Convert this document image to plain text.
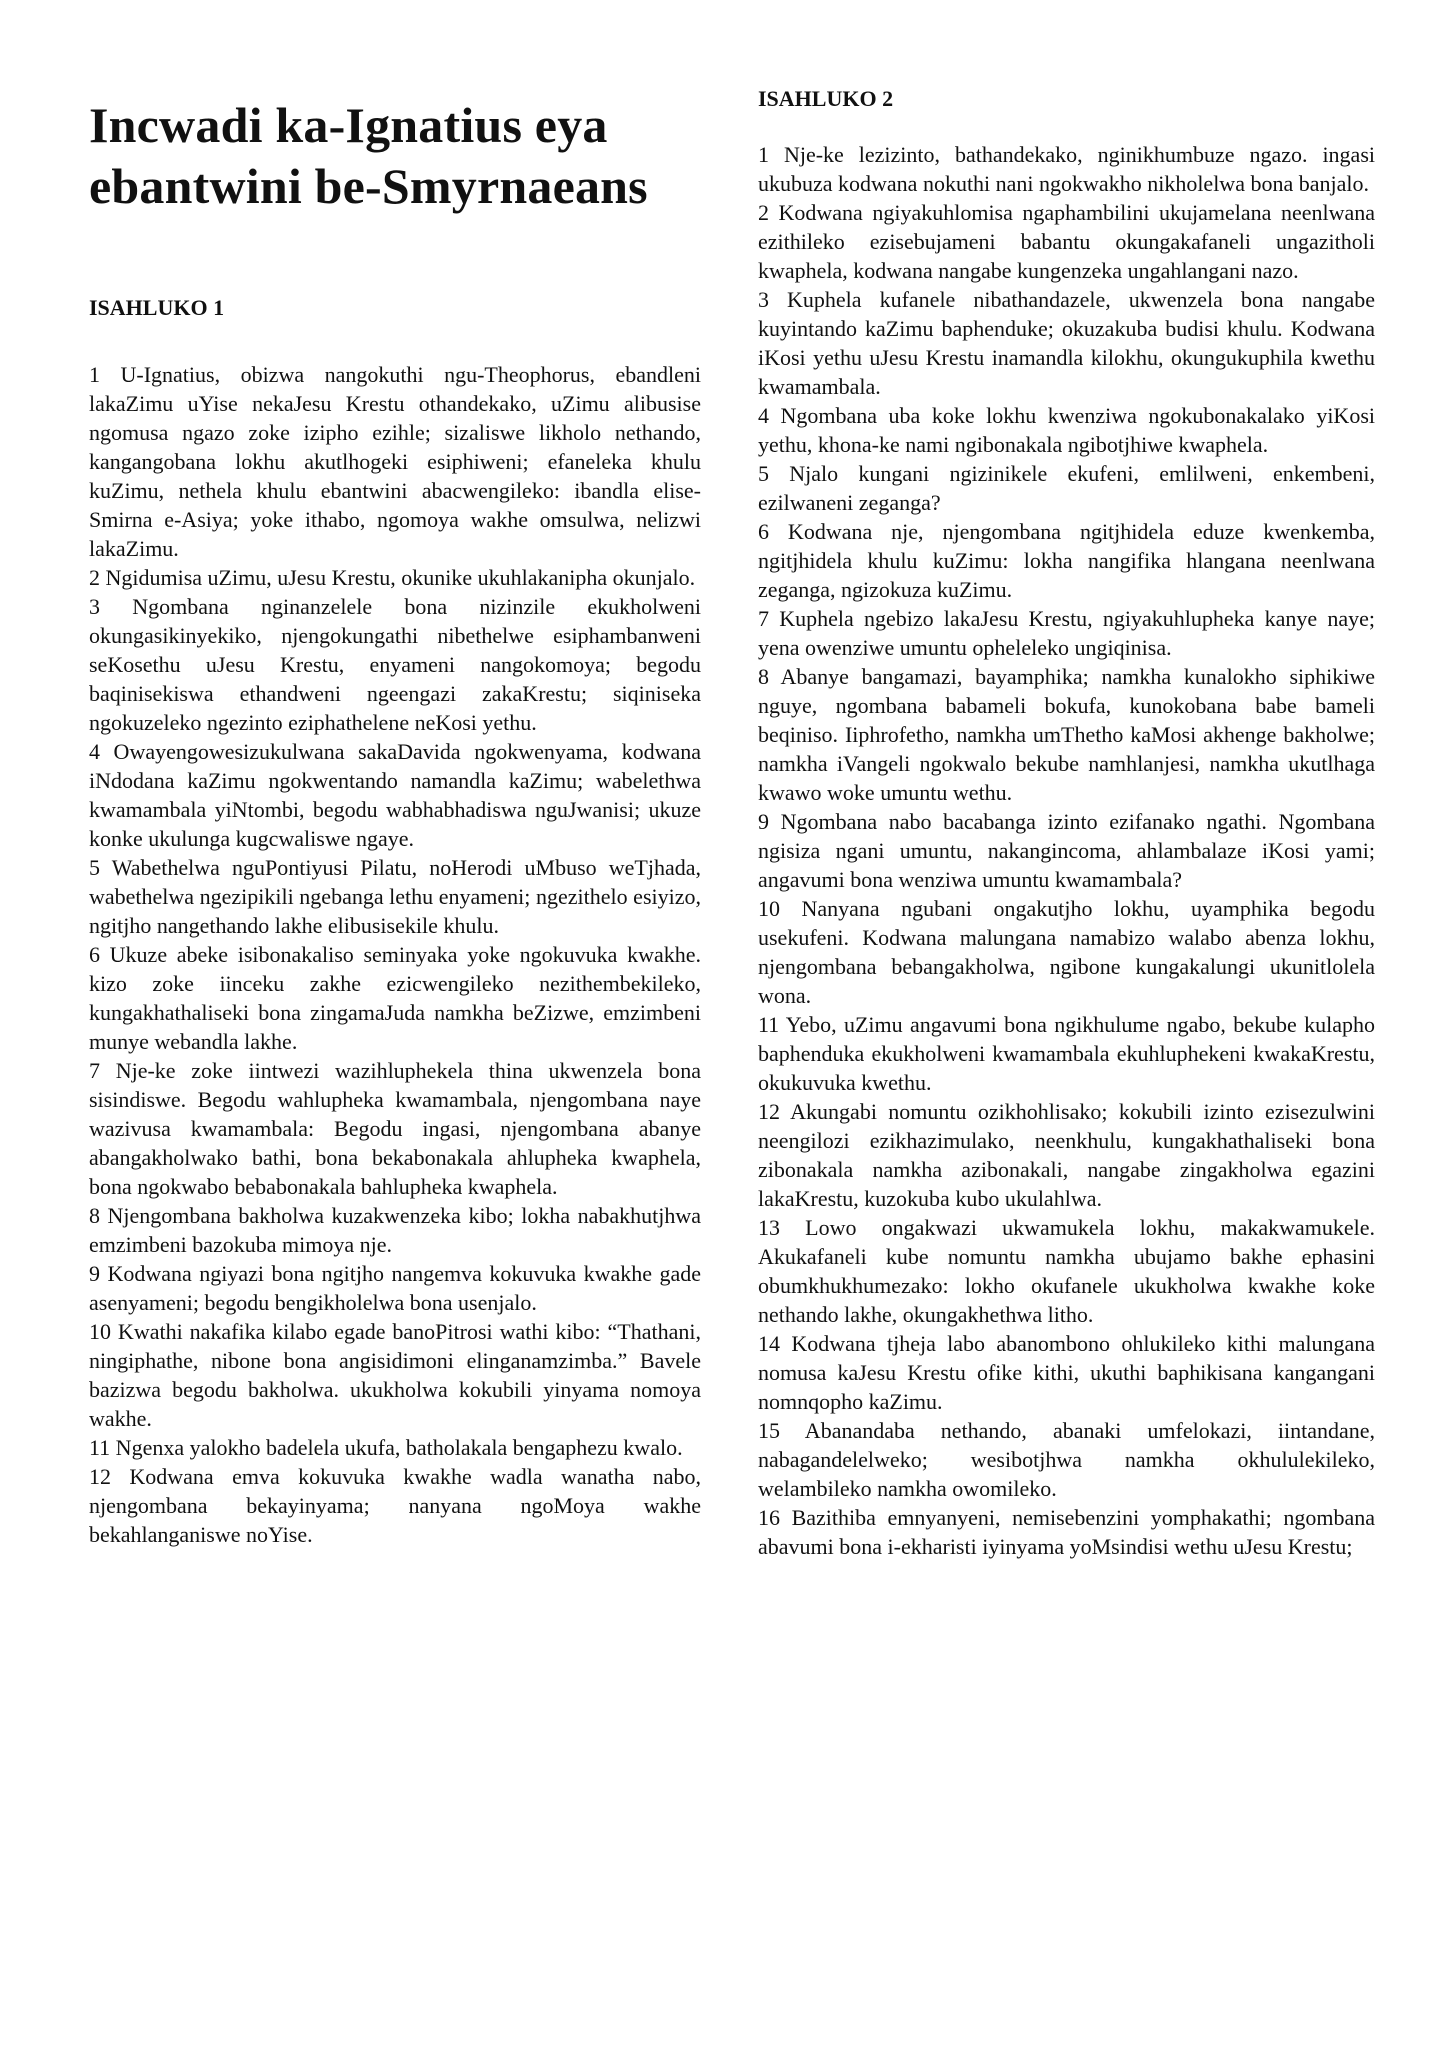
Incwadi ka-Ignatius eya ebantwini be-Smyrnaeans
ISAHLUKO 1

1 U-Ignatius, obizwa nangokuthi ngu-Theophorus, ebandleni lakaZimu uYise nekaJesu Krestu othandekako, uZimu alibusise ngomusa ngazo zoke izipho ezihle; sizaliswe likholo nethando, kangangobana lokhu akutlhogeki esiphiweni; efaneleka khulu kuZimu, nethela khulu ebantwini abacwengileko: ibandla elise-Smirna e-Asiya; yoke ithabo, ngomoya wakhe omsulwa, nelizwi lakaZimu.

2 Ngidumisa uZimu, uJesu Krestu, okunike ukuhlakanipha okunjalo.

3 Ngombana nginanzelele bona nizinzile ekukholweni okungasikinyekiko, njengokungathi nibethelwe esiphambanweni seKosethu uJesu Krestu, enyameni nangokomoya; begodu baqinisekiswa ethandweni ngeengazi zakaKrestu; siqiniseka ngokuzeleko ngezinto eziphathelene neKosi yethu.

4 Owayengowesizukulwana sakaDavida ngokwenyama, kodwana iNdodana kaZimu ngokwentando namandla kaZimu; wabelethwa kwamambala yiNtombi, begodu wabhabhadiswa nguJwanisi; ukuze konke ukulunga kugcwaliswe ngaye.

5 Wabethelwa nguPontiyusi Pilatu, noHerodi uMbuso weTjhada, wabethelwa ngezipikili ngebanga lethu enyameni; ngezithelo esiyizo, ngitjho nangethando lakhe elibusisekile khulu.

6 Ukuze abeke isibonakaliso seminyaka yoke ngokuvuka kwakhe. kizo zoke iinceku zakhe ezicwengileko nezithembekileko, kungakhathaliseki bona zingamaJuda namkha beZizwe, emzimbeni munye webandla lakhe.

7 Nje-ke zoke iintwezi wazihluphekela thina ukwenzela bona sisindiswe. Begodu wahlupheka kwamambala, njengombana naye wazivusa kwamambala: Begodu ingasi, njengombana abanye abangakholwako bathi, bona bekabonakala ahlupheka kwaphela, bona ngokwabo bebabonakala bahlupheka kwaphela.

8 Njengombana bakholwa kuzakwenzeka kibo; lokha nabakhutjhwa emzimbeni bazokuba mimoya nje.

9 Kodwana ngiyazi bona ngitjho nangemva kokuvuka kwakhe gade asenyameni; begodu bengikholelwa bona usenjalo.

10 Kwathi nakafika kilabo egade banoPitrosi wathi kibo: “Thathani, ningiphathe, nibone bona angisidimoni elinganamzimba.” Bavele bazizwa begodu bakholwa. ukukholwa kokubili yinyama nomoya wakhe.

11 Ngenxa yalokho badelela ukufa, batholakala bengaphezu kwalo.

12 Kodwana emva kokuvuka kwakhe wadla wanatha nabo, njengombana bekayinyama; nanyana ngoMoya wakhe bekahlanganiswe noYise.

ISAHLUKO 2

1 Nje-ke lezizinto, bathandekako, nginikhumbuze ngazo. ingasi ukubuza kodwana nokuthi nani ngokwakho nikholelwa bona banjalo.

2 Kodwana ngiyakuhlomisa ngaphambilini ukujamelana neenlwana ezithileko ezisebujameni babantu okungakafaneli ungazitholi kwaphela, kodwana nangabe kungenzeka ungahlangani nazo.

3 Kuphela kufanele nibathandazele, ukwenzela bona nangabe kuyintando kaZimu baphenduke; okuzakuba budisi khulu. Kodwana iKosi yethu uJesu Krestu inamandla kilokhu, okungukuphila kwethu kwamambala.

4 Ngombana uba koke lokhu kwenziwa ngokubonakalako yiKosi yethu, khona-ke nami ngibonakala ngibotjhiwe kwaphela.

5 Njalo kungani ngizinikele ekufeni, emlilweni, enkembeni, ezilwaneni zeganga?

6 Kodwana nje, njengombana ngitjhidela eduze kwenkemba, ngitjhidela khulu kuZimu: lokha nangifika hlangana neenlwana zeganga, ngizokuza kuZimu.

7 Kuphela ngebizo lakaJesu Krestu, ngiyakuhlupheka kanye naye; yena owenziwe umuntu opheleleko ungiqinisa.

8 Abanye bangamazi, bayamphika; namkha kunalokho siphikiwe nguye, ngombana babameli bokufa, kunokobana babe bameli beqiniso. Iiphrofetho, namkha umThetho kaMosi akhenge bakholwe; namkha iVangeli ngokwalo bekube namhlanjesi, namkha ukutlhaga kwawo woke umuntu wethu.

9 Ngombana nabo bacabanga izinto ezifanako ngathi. Ngombana ngisiza ngani umuntu, nakangincoma, ahlambalaze iKosi yami; angavumi bona wenziwa umuntu kwamambala?

10 Nanyana ngubani ongakutjho lokhu, uyamphika begodu usekufeni. Kodwana malungana namabizo walabo abenza lokhu, njengombana bebangakholwa, ngibone kungakalungi ukunitlolela wona.

11 Yebo, uZimu angavumi bona ngikhulume ngabo, bekube kulapho baphenduka ekukholweni kwamambala ekuhluphekeni kwakaKrestu, okukuvuka kwethu.

12 Akungabi nomuntu ozikhohlisako; kokubili izinto ezisezulwini neengilozi ezikhazimulako, neenkhulu, kungakhathaliseki bona zibonakala namkha azibonakali, nangabe zingakholwa egazini lakaKrestu, kuzokuba kubo ukulahlwa.

13 Lowo ongakwazi ukwamukela lokhu, makakwamukele. Akukafaneli kube nomuntu namkha ubujamo bakhe ephasini obumkhukhumezako: lokho okufanele ukukholwa kwakhe koke nethando lakhe, okungakhethwa litho.

14 Kodwana tjheja labo abanombono ohlukileko kithi malungana nomusa kaJesu Krestu ofike kithi, ukuthi baphikisana kangangani nomnqopho kaZimu.

15 Abanandaba nethando, abanaki umfelokazi, iintandane, nabagandelelweko; wesibotjhwa namkha okhululekileko, welambileko namkha owomileko.

16 Bazithiba emnyanyeni, nemisebenzini yomphakathi; ngombana abavumi bona i-ekharisti iyinyama yoMsindisi wethu uJesu Krestu;
